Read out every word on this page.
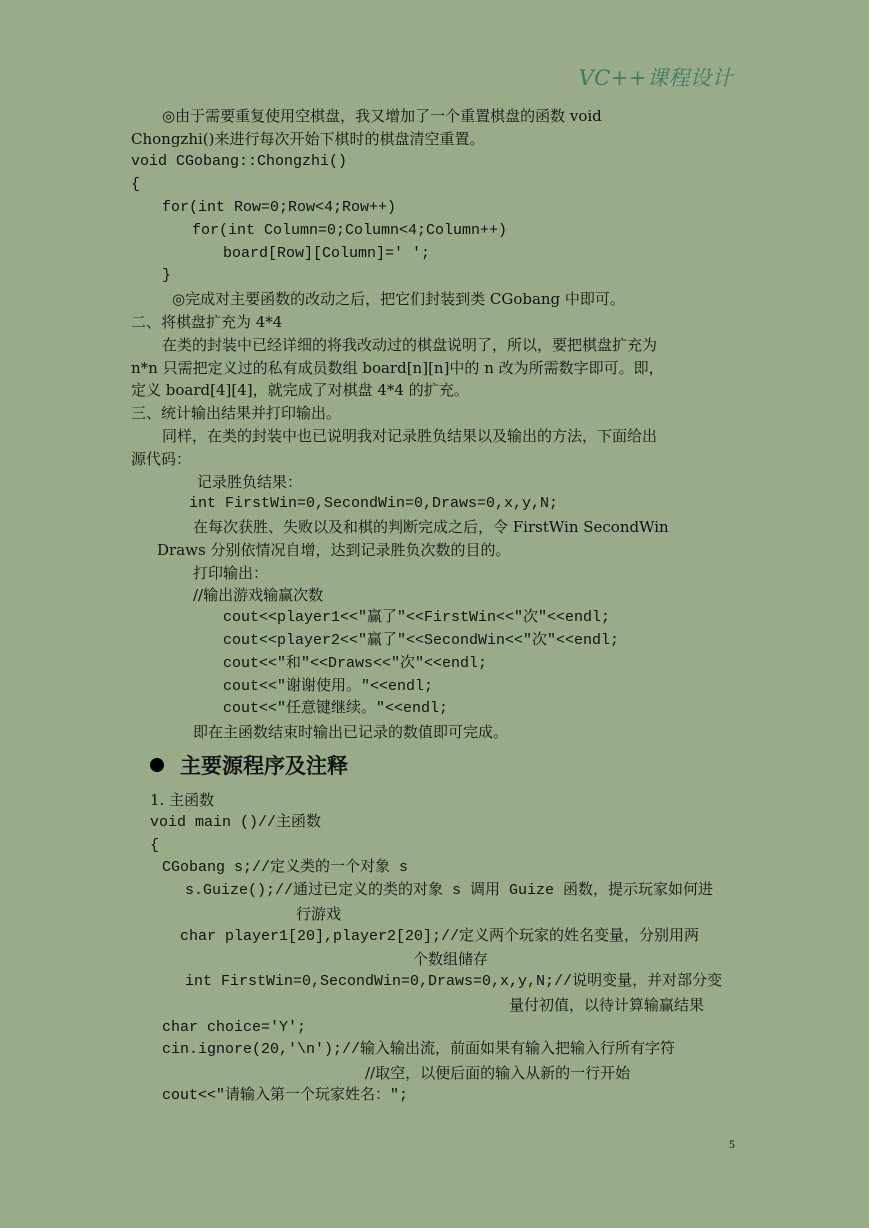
VC++课程设计
◎由于需要重复使用空棋盘，我又增加了一个重置棋盘的函数 void
Chongzhi()来进行每次开始下棋时的棋盘清空重置。
void CGobang::Chongzhi()
{
for(int Row=0;Row<4;Row++)
for(int Column=0;Column<4;Column++)
board[Row][Column]=' ';
}
◎完成对主要函数的改动之后，把它们封装到类 CGobang 中即可。
二、将棋盘扩充为 4*4
在类的封装中已经详细的将我改动过的棋盘说明了，所以，要把棋盘扩充为
n*n 只需把定义过的私有成员数组 board[n][n]中的 n 改为所需数字即可。即，
定义 board[4][4]，就完成了对棋盘 4*4 的扩充。
三、统计输出结果并打印输出。
同样，在类的封装中也已说明我对记录胜负结果以及输出的方法，下面给出
源代码：
记录胜负结果：
int FirstWin=0,SecondWin=0,Draws=0,x,y,N;
在每次获胜、失败以及和棋的判断完成之后，令 FirstWin SecondWin
Draws 分别依情况自增，达到记录胜负次数的目的。
打印输出：
//输出游戏输赢次数
cout<<player1<<"赢了"<<FirstWin<<"次"<<endl;
cout<<player2<<"赢了"<<SecondWin<<"次"<<endl;
cout<<"和"<<Draws<<"次"<<endl;
cout<<"谢谢使用。"<<endl;
cout<<"任意键继续。"<<endl;
即在主函数结束时输出已记录的数值即可完成。
主要源程序及注释
1. 主函数
void main ()//主函数
{
CGobang s;//定义类的一个对象 s
s.Guize();//通过已定义的类的对象 s 调用 Guize 函数，提示玩家如何进
行游戏
char player1[20],player2[20];//定义两个玩家的姓名变量，分别用两
个数组储存
int FirstWin=0,SecondWin=0,Draws=0,x,y,N;//说明变量，并对部分变
量付初值，以待计算输赢结果
char choice='Y';
cin.ignore(20,'\n');//输入输出流，前面如果有输入把输入行所有字符
//取空，以便后面的输入从新的一行开始
cout<<"请输入第一个玩家姓名：";
5
